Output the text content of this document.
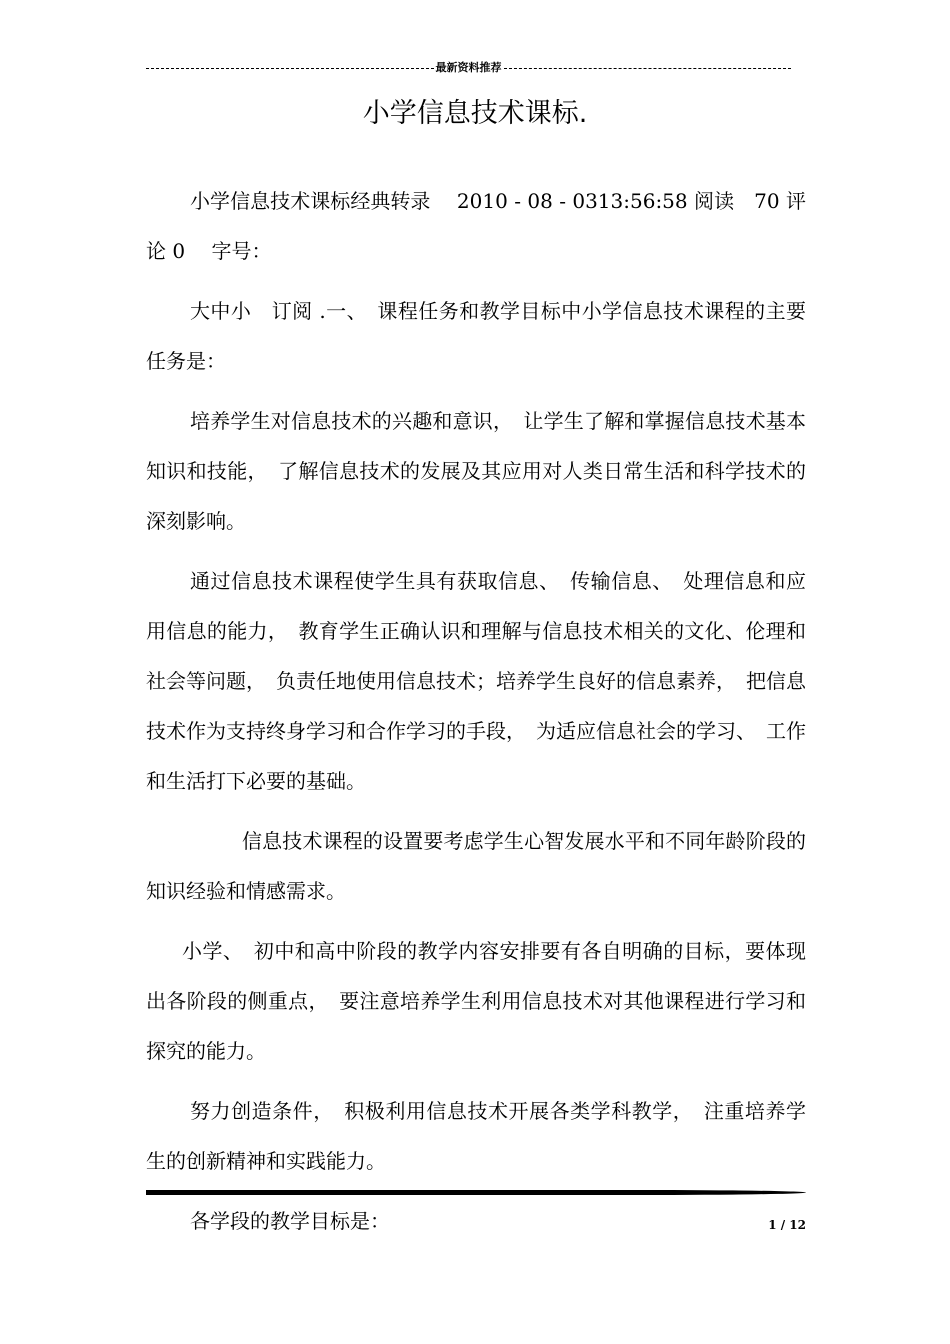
最新资料推荐
小学信息技术课标.

小学信息技术课标经典转录　 2010 - 08 - 0313:56:58 阅读　70 评论 0　 字号：

大中小　订阅 .一、　课程任务和教学目标中小学信息技术课程的主要任务是：

培养学生对信息技术的兴趣和意识，　让学生了解和掌握信息技术基本知识和技能，　了解信息技术的发展及其应用对人类日常生活和科学技术的深刻影响。

通过信息技术课程使学生具有获取信息、　传输信息、　处理信息和应用信息的能力，　教育学生正确认识和理解与信息技术相关的文化、伦理和社会等问题，　负责任地使用信息技术；培养学生良好的信息素养，　把信息技术作为支持终身学习和合作学习的手段，　为适应信息社会的学习、　工作和生活打下必要的基础。

信息技术课程的设置要考虑学生心智发展水平和不同年龄阶段的知识经验和情感需求。

小学、　初中和高中阶段的教学内容安排要有各自明确的目标，要体现出各阶段的侧重点，　要注意培养学生利用信息技术对其他课程进行学习和探究的能力。

努力创造条件，　积极利用信息技术开展各类学科教学，　注重培养学生的创新精神和实践能力。

各学段的教学目标是：	1 / 12
